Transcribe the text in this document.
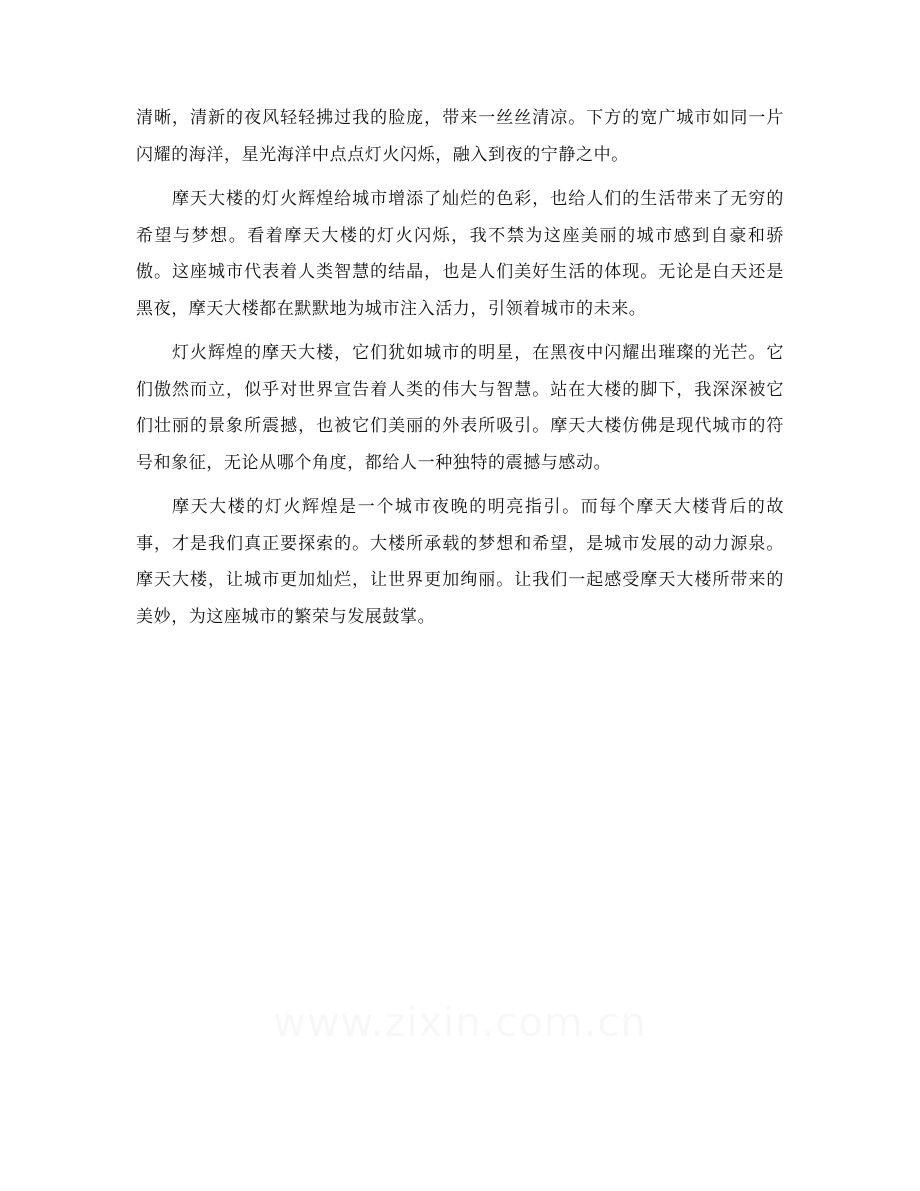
清晰，清新的夜风轻轻拂过我的脸庞，带来一丝丝清凉。下方的宽广城市如同一片闪耀的海洋，星光海洋中点点灯火闪烁，融入到夜的宁静之中。

摩天大楼的灯火辉煌给城市增添了灿烂的色彩，也给人们的生活带来了无穷的希望与梦想。看着摩天大楼的灯火闪烁，我不禁为这座美丽的城市感到自豪和骄傲。这座城市代表着人类智慧的结晶，也是人们美好生活的体现。无论是白天还是黑夜，摩天大楼都在默默地为城市注入活力，引领着城市的未来。

灯火辉煌的摩天大楼，它们犹如城市的明星，在黑夜中闪耀出璀璨的光芒。它们傲然而立，似乎对世界宣告着人类的伟大与智慧。站在大楼的脚下，我深深被它们壮丽的景象所震撼，也被它们美丽的外表所吸引。摩天大楼仿佛是现代城市的符号和象征，无论从哪个角度，都给人一种独特的震撼与感动。

摩天大楼的灯火辉煌是一个城市夜晚的明亮指引。而每个摩天大楼背后的故事，才是我们真正要探索的。大楼所承载的梦想和希望，是城市发展的动力源泉。摩天大楼，让城市更加灿烂，让世界更加绚丽。让我们一起感受摩天大楼所带来的美妙，为这座城市的繁荣与发展鼓掌。
